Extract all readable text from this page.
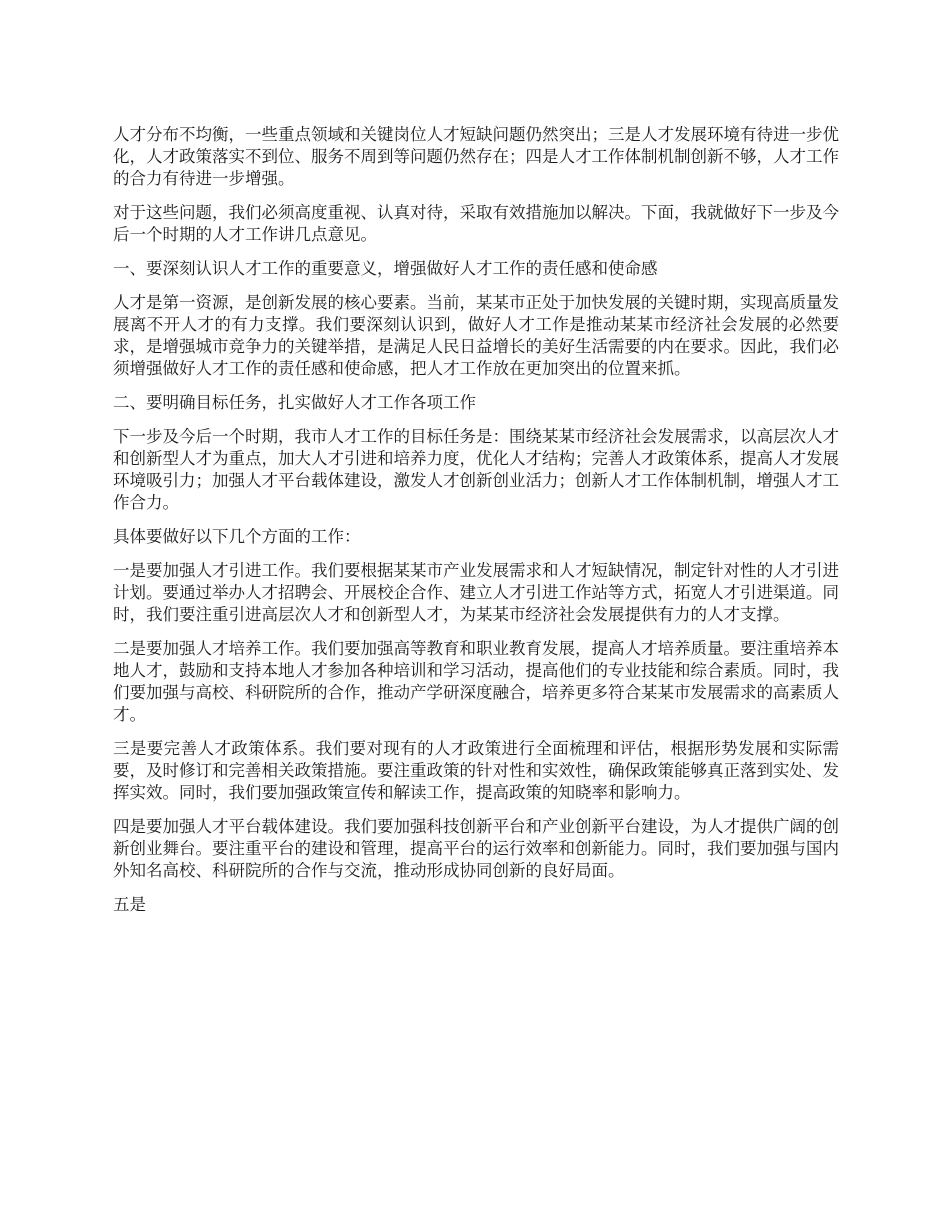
人才分布不均衡，一些重点领域和关键岗位人才短缺问题仍然突出；三是人才发展环境有待进一步优化，人才政策落实不到位、服务不周到等问题仍然存在；四是人才工作体制机制创新不够，人才工作的合力有待进一步增强。

对于这些问题，我们必须高度重视、认真对待，采取有效措施加以解决。下面，我就做好下一步及今后一个时期的人才工作讲几点意见。

一、要深刻认识人才工作的重要意义，增强做好人才工作的责任感和使命感

人才是第一资源，是创新发展的核心要素。当前，某某市正处于加快发展的关键时期，实现高质量发展离不开人才的有力支撑。我们要深刻认识到，做好人才工作是推动某某市经济社会发展的必然要求，是增强城市竞争力的关键举措，是满足人民日益增长的美好生活需要的内在要求。因此，我们必须增强做好人才工作的责任感和使命感，把人才工作放在更加突出的位置来抓。

二、要明确目标任务，扎实做好人才工作各项工作

下一步及今后一个时期，我市人才工作的目标任务是：围绕某某市经济社会发展需求，以高层次人才和创新型人才为重点，加大人才引进和培养力度，优化人才结构；完善人才政策体系，提高人才发展环境吸引力；加强人才平台载体建设，激发人才创新创业活力；创新人才工作体制机制，增强人才工作合力。

具体要做好以下几个方面的工作：

一是要加强人才引进工作。我们要根据某某市产业发展需求和人才短缺情况，制定针对性的人才引进计划。要通过举办人才招聘会、开展校企合作、建立人才引进工作站等方式，拓宽人才引进渠道。同时，我们要注重引进高层次人才和创新型人才，为某某市经济社会发展提供有力的人才支撑。

二是要加强人才培养工作。我们要加强高等教育和职业教育发展，提高人才培养质量。要注重培养本地人才，鼓励和支持本地人才参加各种培训和学习活动，提高他们的专业技能和综合素质。同时，我们要加强与高校、科研院所的合作，推动产学研深度融合，培养更多符合某某市发展需求的高素质人才。

三是要完善人才政策体系。我们要对现有的人才政策进行全面梳理和评估，根据形势发展和实际需要，及时修订和完善相关政策措施。要注重政策的针对性和实效性，确保政策能够真正落到实处、发挥实效。同时，我们要加强政策宣传和解读工作，提高政策的知晓率和影响力。

四是要加强人才平台载体建设。我们要加强科技创新平台和产业创新平台建设，为人才提供广阔的创新创业舞台。要注重平台的建设和管理，提高平台的运行效率和创新能力。同时，我们要加强与国内外知名高校、科研院所的合作与交流，推动形成协同创新的良好局面。

五是
